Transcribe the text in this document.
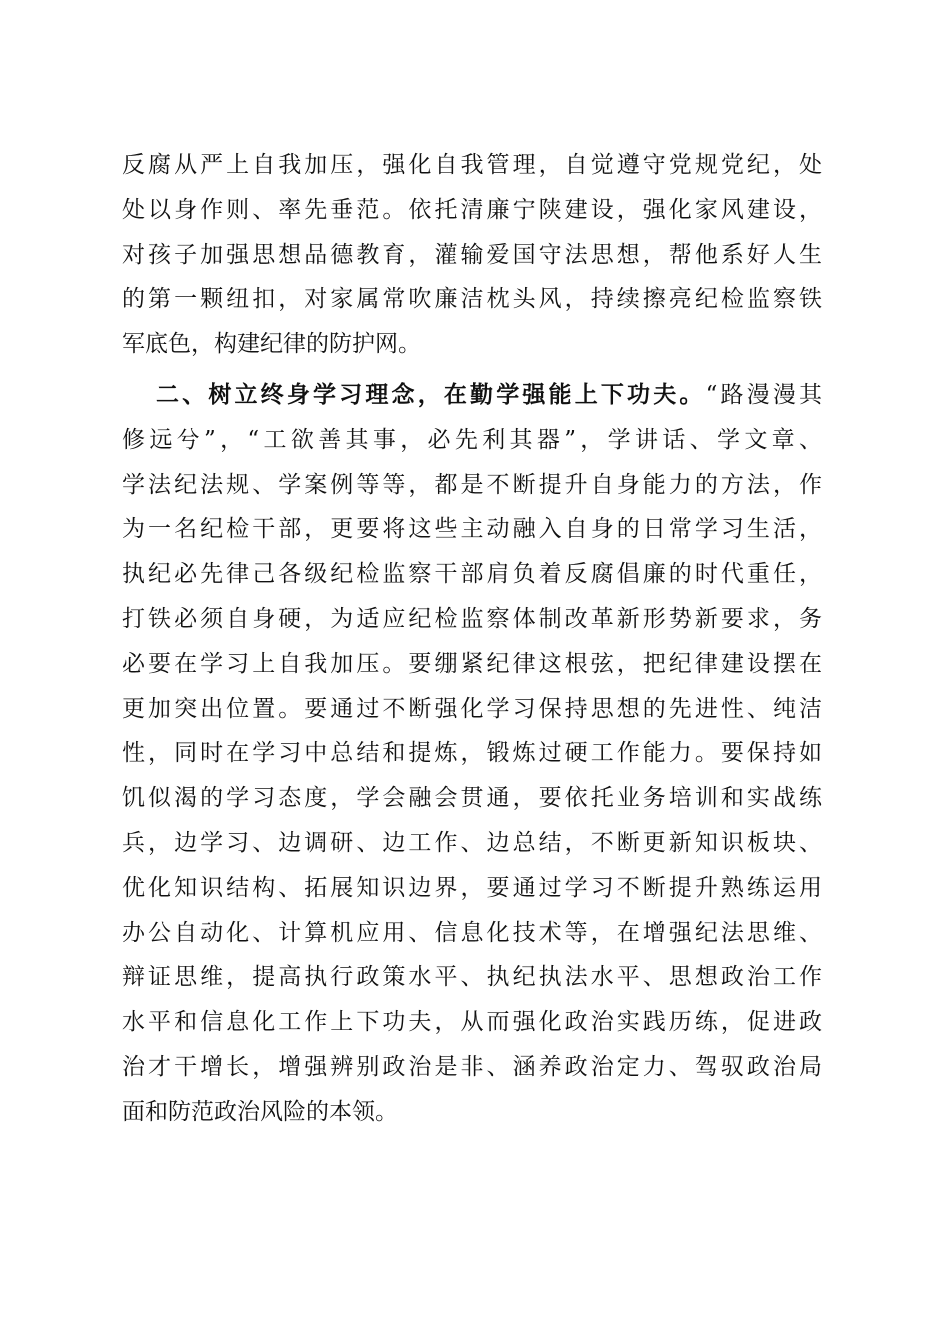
反腐从严上自我加压，强化自我管理，自觉遵守党规党纪，处
处以身作则、率先垂范。依托清廉宁陕建设，强化家风建设，
对孩子加强思想品德教育，灌输爱国守法思想，帮他系好人生
的第一颗纽扣，对家属常吹廉洁枕头风，持续擦亮纪检监察铁
军底色，构建纪律的防护网。
二、树立终身学习理念，在勤学强能上下功夫。“路漫漫其
修远兮”，“工欲善其事，必先利其器”，学讲话、学文章、
学法纪法规、学案例等等，都是不断提升自身能力的方法，作
为一名纪检干部，更要将这些主动融入自身的日常学习生活，
执纪必先律己各级纪检监察干部肩负着反腐倡廉的时代重任，
打铁必须自身硬，为适应纪检监察体制改革新形势新要求，务
必要在学习上自我加压。要绷紧纪律这根弦，把纪律建设摆在
更加突出位置。要通过不断强化学习保持思想的先进性、纯洁
性，同时在学习中总结和提炼，锻炼过硬工作能力。要保持如
饥似渴的学习态度，学会融会贯通，要依托业务培训和实战练
兵，边学习、边调研、边工作、边总结，不断更新知识板块、
优化知识结构、拓展知识边界，要通过学习不断提升熟练运用
办公自动化、计算机应用、信息化技术等，在增强纪法思维、
辩证思维，提高执行政策水平、执纪执法水平、思想政治工作
水平和信息化工作上下功夫，从而强化政治实践历练，促进政
治才干增长，增强辨别政治是非、涵养政治定力、驾驭政治局
面和防范政治风险的本领。
